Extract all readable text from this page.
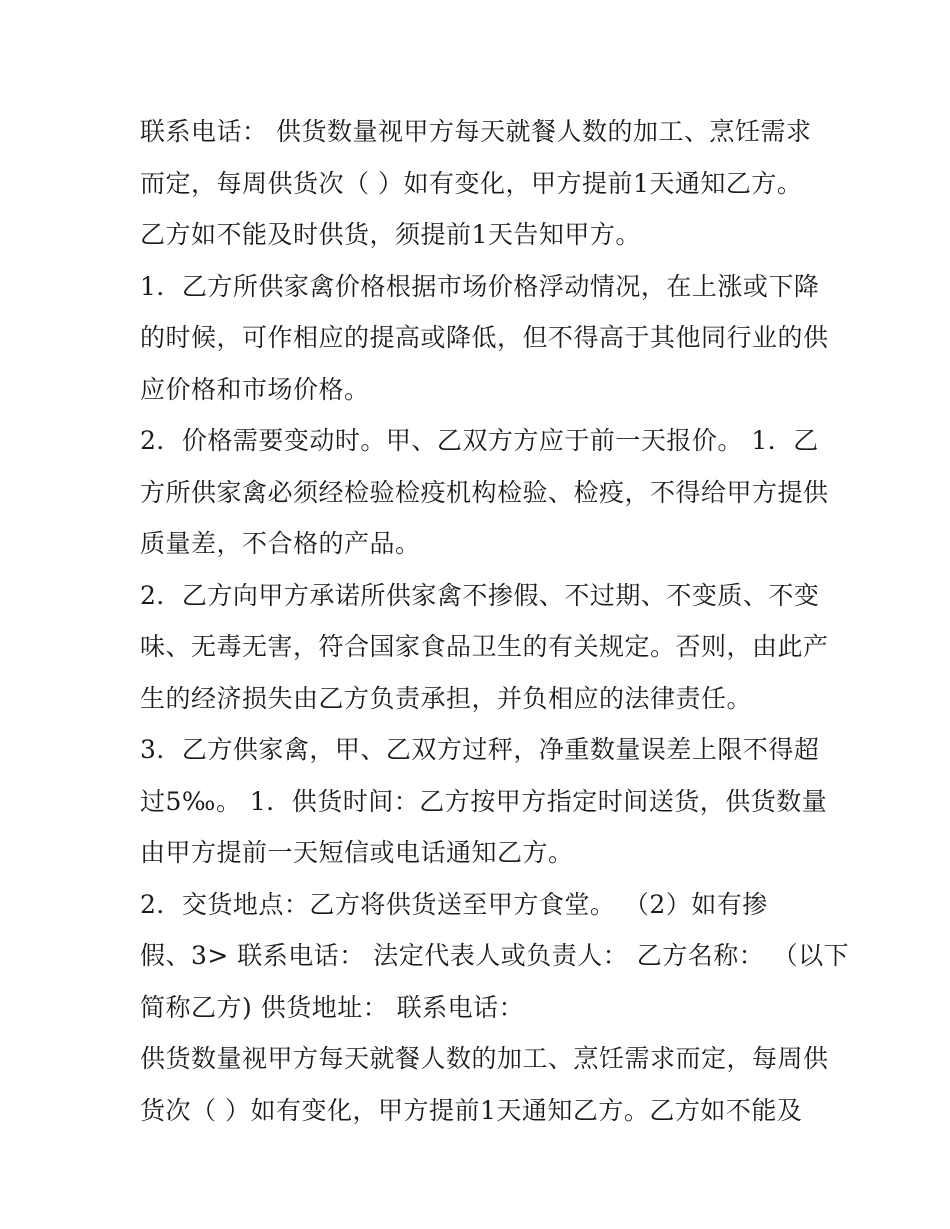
联系电话： 供货数量视甲方每天就餐人数的加工、烹饪需求
而定，每周供货次（ ）如有变化，甲方提前1天通知乙方。
乙方如不能及时供货，须提前1天告知甲方。
1．乙方所供家禽价格根据市场价格浮动情况，在上涨或下降
的时候，可作相应的提高或降低，但不得高于其他同行业的供
应价格和市场价格。
2．价格需要变动时。甲、乙双方方应于前一天报价。 1．乙
方所供家禽必须经检验检疫机构检验、检疫，不得给甲方提供
质量差，不合格的产品。
2．乙方向甲方承诺所供家禽不掺假、不过期、不变质、不变
味、无毒无害，符合国家食品卫生的有关规定。否则，由此产
生的经济损失由乙方负责承担，并负相应的法律责任。
3．乙方供家禽，甲、乙双方过秤，净重数量误差上限不得超
过5‰。 1．供货时间：乙方按甲方指定时间送货，供货数量
由甲方提前一天短信或电话通知乙方。
2．交货地点：乙方将供货送至甲方食堂。 （2）如有掺
假、3> 联系电话： 法定代表人或负责人： 乙方名称： （以下
简称乙方) 供货地址： 联系电话：
供货数量视甲方每天就餐人数的加工、烹饪需求而定，每周供
货次（ ）如有变化，甲方提前1天通知乙方。乙方如不能及
